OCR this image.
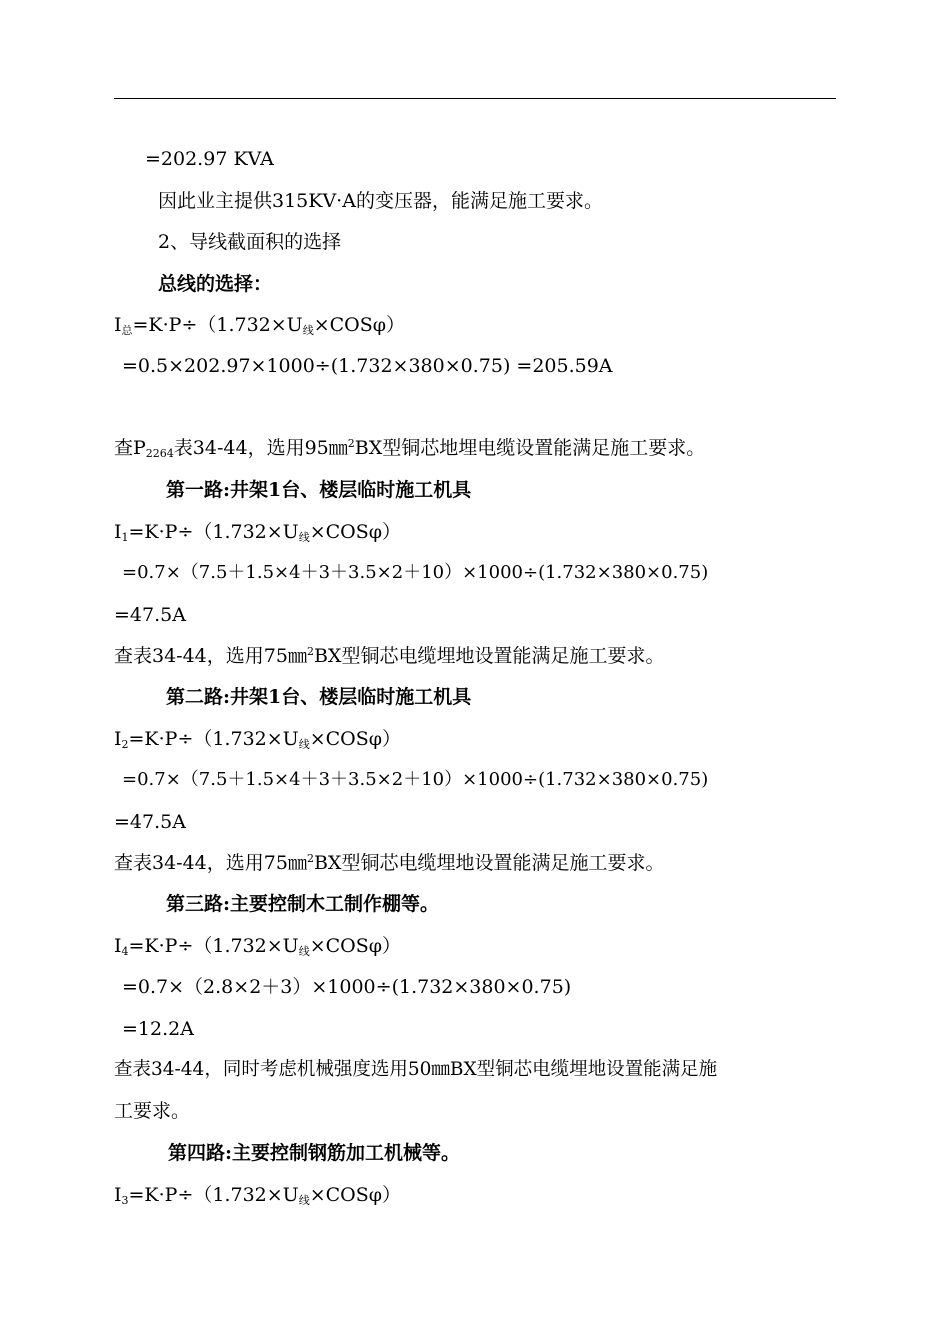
=202.97 KVA
因此业主提供315KV·A的变压器，能满足施工要求。
2、导线截面积的选择
总线的选择：
$I_总=K\cdot P\div(1.732\times U_线\times COS\varphi)$
=0.5×202.97×1000÷(1.732×380×0.75) =205.59A
查$P_{2264}$表34-44，选用95㎜$^2$BX型铜芯地埋电缆设置能满足施工要求。
第一路:井架1台、楼层临时施工机具
$I_1=K\cdot P\div(1.732\times U_线\times COS\varphi)$
=0.7×（7.5＋1.5×4＋3＋3.5×2＋10）×1000÷(1.732×380×0.75)
=47.5A
查表34-44，选用75㎜$^2$BX型铜芯电缆埋地设置能满足施工要求。
第二路:井架1台、楼层临时施工机具
$I_2=K\cdot P\div(1.732\times U_线\times COS\varphi)$
=0.7×（7.5＋1.5×4＋3＋3.5×2＋10）×1000÷(1.732×380×0.75)
=47.5A
查表34-44，选用75㎜$^2$BX型铜芯电缆埋地设置能满足施工要求。
第三路:主要控制木工制作棚等。
$I_4=K\cdot P\div(1.732\times U_线\times COS\varphi)$
=0.7×（2.8×2＋3）×1000÷(1.732×380×0.75)
=12.2A
查表34-44，同时考虑机械强度选用50㎜BX型铜芯电缆埋地设置能满足施
工要求。
第四路:主要控制钢筋加工机械等。
$I_3=K\cdot P\div(1.732\times U_线\times COS\varphi)$
